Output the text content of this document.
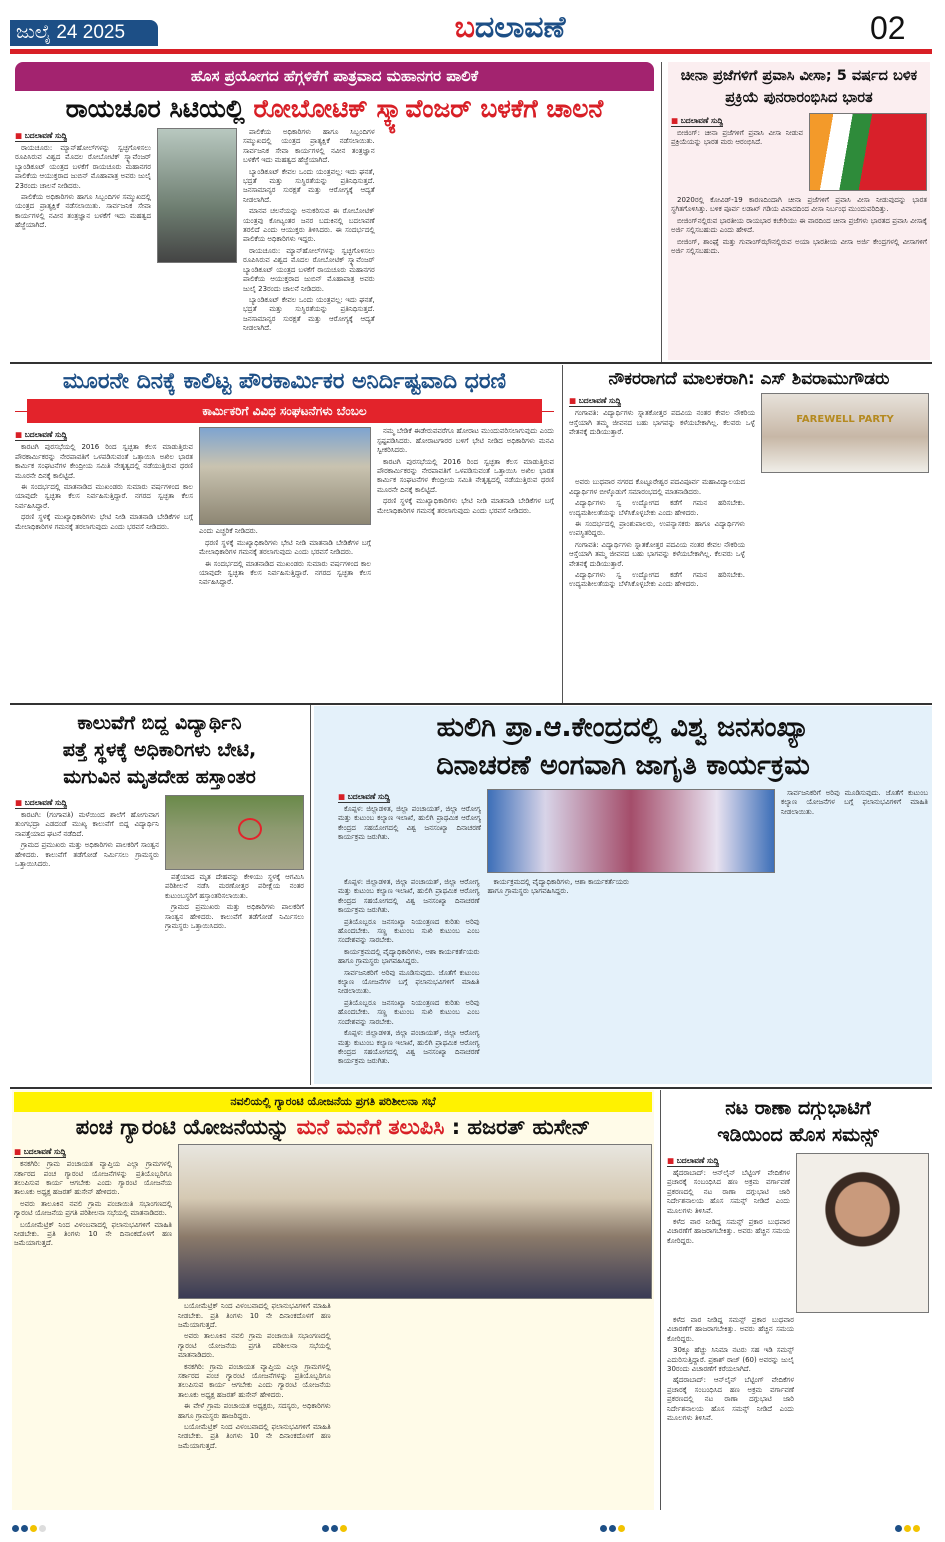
ಜುಲೈ 24 2025	ಬದಲಾವಣೆ	02
ಹೊಸ ಪ್ರಯೋಗದ ಹೆಗ್ಗಳಿಕೆಗೆ ಪಾತ್ರವಾದ ಮಹಾನಗರ ಪಾಲಿಕೆ
ರಾಯಚೂರ ಸಿಟಿಯಲ್ಲಿ ರೋಬೋಟಿಕ್ ಸ್ಕ್ಯಾವೆಂಜರ್ ಬಳಕೆಗೆ ಚಾಲನೆ
■ ಬದಲಾವಣೆ ಸುದ್ದಿ

ರಾಯಚೂರು: ಮ್ಯಾನ್‌ಹೋಲ್‌ಗಳನ್ನು ಸ್ವಚ್ಛಗೊಳಿಸಲು ರೂಪಿಸಿರುವ ವಿಶ್ವದ ಮೊದಲ ರೋಬೋಟಿಕ್ ಸ್ಕ್ಯಾವೆಂಜರ್ ಬ್ಯಾಂಡಿಕೂಟ್ ಯಂತ್ರದ ಬಳಕೆಗೆ ರಾಯಚೂರು ಮಹಾನಗರ ಪಾಲಿಕೆಯ ಆಯುಕ್ತರಾದ ಜುಬಿನ್ ಮೊಹಾಪಾತ್ರ ಅವರು ಜುಲೈ 23ರಂದು ಚಾಲನೆ ನೀಡಿದರು.

ಪಾಲಿಕೆಯ ಅಧಿಕಾರಿಗಳು ಹಾಗೂ ಸಿಬ್ಬಂದಿಗಳ ಸಮ್ಮುಖದಲ್ಲಿ ಯಂತ್ರದ ಪ್ರಾತ್ಯಕ್ಷಿಕೆ ನಡೆಸಲಾಯಿತು. ಸಾರ್ವಜನಿಕ ಸೇವಾ ಕಾರ್ಯಗಳಲ್ಲಿ ನವೀನ ತಂತ್ರಜ್ಞಾನ ಬಳಕೆಗೆ ಇದು ಮಹತ್ವದ ಹೆಜ್ಜೆಯಾಗಿದೆ.

ಪಾಲಿಕೆಯ ಅಧಿಕಾರಿಗಳು ಹಾಗೂ ಸಿಬ್ಬಂದಿಗಳ ಸಮ್ಮುಖದಲ್ಲಿ ಯಂತ್ರದ ಪ್ರಾತ್ಯಕ್ಷಿಕೆ ನಡೆಸಲಾಯಿತು. ಸಾರ್ವಜನಿಕ ಸೇವಾ ಕಾರ್ಯಗಳಲ್ಲಿ ನವೀನ ತಂತ್ರಜ್ಞಾನ ಬಳಕೆಗೆ ಇದು ಮಹತ್ವದ ಹೆಜ್ಜೆಯಾಗಿದೆ.

ಬ್ಯಾಂಡಿಕೂಟ್ ಕೇವಲ ಒಂದು ಯಂತ್ರವಲ್ಲ: ಇದು ಘನತೆ, ಭದ್ರತೆ ಮತ್ತು ಸುಸ್ಥಿರತೆಯನ್ನು ಪ್ರತಿನಿಧಿಸುತ್ತದೆ. ಜನಸಾಮಾನ್ಯರ ಸುರಕ್ಷತೆ ಮತ್ತು ಆರೋಗ್ಯಕ್ಕೆ ಆದ್ಯತೆ ನೀಡಲಾಗಿದೆ.

ಮಾನವ ಚಲನೆಯನ್ನು ಅನುಕರಿಸುವ ಈ ರೋಬೋಟಿಕ್ ಯಂತ್ರವು ಕೋಟ್ಯಂತರ ಜನರ ಬದುಕಿನಲ್ಲಿ ಬದಲಾವಣೆ ತರಲಿದೆ ಎಂದು ಆಯುಕ್ತರು ತಿಳಿಸಿದರು. ಈ ಸಂದರ್ಭದಲ್ಲಿ ಪಾಲಿಕೆಯ ಅಧಿಕಾರಿಗಳು ಇದ್ದರು.

ರಾಯಚೂರು: ಮ್ಯಾನ್‌ಹೋಲ್‌ಗಳನ್ನು ಸ್ವಚ್ಛಗೊಳಿಸಲು ರೂಪಿಸಿರುವ ವಿಶ್ವದ ಮೊದಲ ರೋಬೋಟಿಕ್ ಸ್ಕ್ಯಾವೆಂಜರ್ ಬ್ಯಾಂಡಿಕೂಟ್ ಯಂತ್ರದ ಬಳಕೆಗೆ ರಾಯಚೂರು ಮಹಾನಗರ ಪಾಲಿಕೆಯ ಆಯುಕ್ತರಾದ ಜುಬಿನ್ ಮೊಹಾಪಾತ್ರ ಅವರು ಜುಲೈ 23ರಂದು ಚಾಲನೆ ನೀಡಿದರು.

ಬ್ಯಾಂಡಿಕೂಟ್ ಕೇವಲ ಒಂದು ಯಂತ್ರವಲ್ಲ: ಇದು ಘನತೆ, ಭದ್ರತೆ ಮತ್ತು ಸುಸ್ಥಿರತೆಯನ್ನು ಪ್ರತಿನಿಧಿಸುತ್ತದೆ. ಜನಸಾಮಾನ್ಯರ ಸುರಕ್ಷತೆ ಮತ್ತು ಆರೋಗ್ಯಕ್ಕೆ ಆದ್ಯತೆ ನೀಡಲಾಗಿದೆ.

ಚೀನಾ ಪ್ರಜೆಗಳಿಗೆ ಪ್ರವಾಸಿ ವೀಸಾ; 5 ವರ್ಷದ ಬಳಿಕ ಪ್ರಕ್ರಿಯೆ ಪುನರಾರಂಭಿಸಿದ ಭಾರತ
■ ಬದಲಾವಣೆ ಸುದ್ದಿ

ಬೀಜಿಂಗ್: ಚೀನಾ ಪ್ರಜೆಗಳಿಗೆ ಪ್ರವಾಸಿ ವೀಸಾ ನೀಡುವ ಪ್ರಕ್ರಿಯೆಯನ್ನು ಭಾರತ ಮರು ಆರಂಭಿಸಿದೆ.

2020ರಲ್ಲಿ ಕೋವಿಡ್-19 ಕಾರಣದಿಂದಾಗಿ ಚೀನಾ ಪ್ರಜೆಗಳಿಗೆ ಪ್ರವಾಸಿ ವೀಸಾ ನೀಡುವುದನ್ನು ಭಾರತ ಸ್ಥಗಿತಗೊಳಿಸಿತ್ತು. ಬಳಿಕ ಪೂರ್ವ ಲಡಾಖ್ ಗಡಿಯ ವಿವಾದದಿಂದ ವೀಸಾ ನಿರ್ಬಂಧ ಮುಂದುವರಿದಿತ್ತು.

ಬೀಜಿಂಗ್‌ನಲ್ಲಿರುವ ಭಾರತೀಯ ರಾಯಭಾರ ಕಚೇರಿಯು ಈ ವಾರದಿಂದ ಚೀನಾ ಪ್ರಜೆಗಳು ಭಾರತದ ಪ್ರವಾಸಿ ವೀಸಾಕ್ಕೆ ಅರ್ಜಿ ಸಲ್ಲಿಸಬಹುದು ಎಂದು ಹೇಳಿದೆ.

ಬೀಜಿಂಗ್, ಶಾಂಘೈ ಮತ್ತು ಗುವಾಂಗ್‌ಝೌನಲ್ಲಿರುವ ಅಯಾ ಭಾರತೀಯ ವೀಸಾ ಅರ್ಜಿ ಕೇಂದ್ರಗಳಲ್ಲಿ ವೀಸಾಗಳಿಗೆ ಅರ್ಜಿ ಸಲ್ಲಿಸಬಹುದು.

ಮೂರನೇ ದಿನಕ್ಕೆ ಕಾಲಿಟ್ಟ ಪೌರಕಾರ್ಮಿಕರ ಅನಿರ್ದಿಷ್ಟವಾದಿ ಧರಣಿ
ಕಾರ್ಮಿಕರಿಗೆ ವಿವಿಧ ಸಂಘಟನೆಗಳು ಬೆಂಬಲ
■ ಬದಲಾವಣೆ ಸುದ್ದಿ

ಕಾರಟಗಿ ಪುರಸಭೆಯಲ್ಲಿ 2016 ರಿಂದ ಸ್ವಚ್ಛತಾ ಕೆಲಸ ಮಾಡುತ್ತಿರುವ ಪೌರಕಾರ್ಮಿಕರನ್ನು ನೇರಪಾವತಿಗೆ ಒಳಪಡಿಸುವಂತೆ ಒತ್ತಾಯಿಸಿ ಅಖಿಲ ಭಾರತ ಕಾರ್ಮಿಕ ಸಂಘಟನೆಗಳ ಕೇಂದ್ರೀಯ ಸಮಿತಿ ನೇತೃತ್ವದಲ್ಲಿ ನಡೆಯುತ್ತಿರುವ ಧರಣಿ ಮೂರನೇ ದಿನಕ್ಕೆ ಕಾಲಿಟ್ಟಿದೆ.

ಈ ಸಂದರ್ಭದಲ್ಲಿ ಮಾತನಾಡಿದ ಮುಖಂಡರು ಸುಮಾರು ವರ್ಷಗಳಿಂದ ಕಾಲ ಯಾವುದೇ ಸ್ವಚ್ಛತಾ ಕೆಲಸ ನಿರ್ವಹಿಸುತ್ತಿದ್ದಾರೆ. ನಗರದ ಸ್ವಚ್ಛತಾ ಕೆಲಸ ನಿರ್ವಹಿಸಿದ್ದಾರೆ.

ಧರಣಿ ಸ್ಥಳಕ್ಕೆ ಮುಖ್ಯಾಧಿಕಾರಿಗಳು ಭೇಟಿ ನೀಡಿ ಮಾತನಾಡಿ ಬೇಡಿಕೆಗಳ ಬಗ್ಗೆ ಮೇಲಾಧಿಕಾರಿಗಳ ಗಮನಕ್ಕೆ ತರಲಾಗುವುದು ಎಂದು ಭರವಸೆ ನೀಡಿದರು.

ಎಂದು ಎಚ್ಚರಿಕೆ ನೀಡಿದರು.

ಧರಣಿ ಸ್ಥಳಕ್ಕೆ ಮುಖ್ಯಾಧಿಕಾರಿಗಳು ಭೇಟಿ ನೀಡಿ ಮಾತನಾಡಿ ಬೇಡಿಕೆಗಳ ಬಗ್ಗೆ ಮೇಲಾಧಿಕಾರಿಗಳ ಗಮನಕ್ಕೆ ತರಲಾಗುವುದು ಎಂದು ಭರವಸೆ ನೀಡಿದರು.

ಈ ಸಂದರ್ಭದಲ್ಲಿ ಮಾತನಾಡಿದ ಮುಖಂಡರು ಸುಮಾರು ವರ್ಷಗಳಿಂದ ಕಾಲ ಯಾವುದೇ ಸ್ವಚ್ಛತಾ ಕೆಲಸ ನಿರ್ವಹಿಸುತ್ತಿದ್ದಾರೆ. ನಗರದ ಸ್ವಚ್ಛತಾ ಕೆಲಸ ನಿರ್ವಹಿಸಿದ್ದಾರೆ.

ನಮ್ಮ ಬೇಡಿಕೆ ಈಡೇರುವವರೆಗೂ ಹೋರಾಟ ಮುಂದುವರಿಸಲಾಗುವುದು ಎಂದು ಸ್ಪಷ್ಟಪಡಿಸಿದರು. ಹೋರಾಟಗಾರರ ಬಳಿಗೆ ಭೇಟಿ ನೀಡಿದ ಅಧಿಕಾರಿಗಳು ಮನವಿ ಸ್ವೀಕರಿಸಿದರು.

ಕಾರಟಗಿ ಪುರಸಭೆಯಲ್ಲಿ 2016 ರಿಂದ ಸ್ವಚ್ಛತಾ ಕೆಲಸ ಮಾಡುತ್ತಿರುವ ಪೌರಕಾರ್ಮಿಕರನ್ನು ನೇರಪಾವತಿಗೆ ಒಳಪಡಿಸುವಂತೆ ಒತ್ತಾಯಿಸಿ ಅಖಿಲ ಭಾರತ ಕಾರ್ಮಿಕ ಸಂಘಟನೆಗಳ ಕೇಂದ್ರೀಯ ಸಮಿತಿ ನೇತೃತ್ವದಲ್ಲಿ ನಡೆಯುತ್ತಿರುವ ಧರಣಿ ಮೂರನೇ ದಿನಕ್ಕೆ ಕಾಲಿಟ್ಟಿದೆ.

ಧರಣಿ ಸ್ಥಳಕ್ಕೆ ಮುಖ್ಯಾಧಿಕಾರಿಗಳು ಭೇಟಿ ನೀಡಿ ಮಾತನಾಡಿ ಬೇಡಿಕೆಗಳ ಬಗ್ಗೆ ಮೇಲಾಧಿಕಾರಿಗಳ ಗಮನಕ್ಕೆ ತರಲಾಗುವುದು ಎಂದು ಭರವಸೆ ನೀಡಿದರು.

ನೌಕರರಾಗದೆ ಮಾಲಕರಾಗಿ: ಎಸ್ ಶಿವರಾಮುಗೌಡರು
■ ಬದಲಾವಣೆ ಸುದ್ದಿ

ಗಂಗಾವತಿ: ವಿದ್ಯಾರ್ಥಿಗಳು ಸ್ನಾತಕೋತ್ತರ ಪದವಿಯ ನಂತರ ಕೇವಲ ನೌಕರಿಯ ಆಸ್ತೆಯಾಗಿ ತಮ್ಮ ಜೀವನದ ಬಹು ಭಾಗವನ್ನು ಕಳೆಯಬೇಕಾಗಿಲ್ಲ. ಕೆಲವರು ಒಳ್ಳೆ ವೇತನಕ್ಕೆ ದುಡಿಯುತ್ತಾರೆ.

FAREWELL PARTY

ಅವರು ಬುಧವಾರ ನಗರದ ಕೊಟ್ಟೂರೇಶ್ವರ ಪದವಿಪೂರ್ವ ಮಹಾವಿದ್ಯಾಲಯದ ವಿದ್ಯಾರ್ಥಿಗಳ ಬೀಳ್ಕೊಡುಗೆ ಸಮಾರಂಭದಲ್ಲಿ ಮಾತನಾಡಿದರು.

ವಿದ್ಯಾರ್ಥಿಗಳು ಸ್ವ ಉದ್ಯೋಗದ ಕಡೆಗೆ ಗಮನ ಹರಿಸಬೇಕು. ಉದ್ಯಮಶೀಲತೆಯನ್ನು ಬೆಳೆಸಿಕೊಳ್ಳಬೇಕು ಎಂದು ಹೇಳಿದರು.

ಈ ಸಂದರ್ಭದಲ್ಲಿ ಪ್ರಾಂಶುಪಾಲರು, ಉಪನ್ಯಾಸಕರು ಹಾಗೂ ವಿದ್ಯಾರ್ಥಿಗಳು ಉಪಸ್ಥಿತರಿದ್ದರು.

ಗಂಗಾವತಿ: ವಿದ್ಯಾರ್ಥಿಗಳು ಸ್ನಾತಕೋತ್ತರ ಪದವಿಯ ನಂತರ ಕೇವಲ ನೌಕರಿಯ ಆಸ್ತೆಯಾಗಿ ತಮ್ಮ ಜೀವನದ ಬಹು ಭಾಗವನ್ನು ಕಳೆಯಬೇಕಾಗಿಲ್ಲ. ಕೆಲವರು ಒಳ್ಳೆ ವೇತನಕ್ಕೆ ದುಡಿಯುತ್ತಾರೆ.

ವಿದ್ಯಾರ್ಥಿಗಳು ಸ್ವ ಉದ್ಯೋಗದ ಕಡೆಗೆ ಗಮನ ಹರಿಸಬೇಕು. ಉದ್ಯಮಶೀಲತೆಯನ್ನು ಬೆಳೆಸಿಕೊಳ್ಳಬೇಕು ಎಂದು ಹೇಳಿದರು.

ಕಾಲುವೆಗೆ ಬಿದ್ದ ವಿದ್ಯಾರ್ಥಿನಿ
ಪತ್ತೆ ಸ್ಥಳಕ್ಕೆ ಅಧಿಕಾರಿಗಳು ಬೇಟಿ,
ಮಗುವಿನ ಮೃತದೇಹ ಹಸ್ತಾಂತರ
■ ಬದಲಾವಣೆ ಸುದ್ದಿ

ಕಾರಟಗಿ: (ಗಂಗಾವತಿ) ಮಳೆಯಿಂದ ಶಾಲೆಗೆ ಹೋಗುವಾಗ ತುಂಗಭದ್ರಾ ಎಡದಂಡೆ ಮುಖ್ಯ ಕಾಲುವೆಗೆ ಬಿದ್ದ ವಿದ್ಯಾರ್ಥಿನಿ ನಾಪತ್ತೆಯಾದ ಘಟನೆ ನಡೆದಿದೆ.

ಗ್ರಾಮದ ಪ್ರಮುಖರು ಮತ್ತು ಅಧಿಕಾರಿಗಳು ಪಾಲಕರಿಗೆ ಸಾಂತ್ವನ ಹೇಳಿದರು. ಕಾಲುವೆಗೆ ತಡೆಗೋಡೆ ನಿರ್ಮಿಸಲು ಗ್ರಾಮಸ್ಥರು ಒತ್ತಾಯಿಸಿದರು.

ಪತ್ತೆಯಾದ ಮೃತ ದೇಹವನ್ನು ಕೇಳಿಯು ಸ್ಥಳಕ್ಕೆ ಆಗಮಿಸಿ ಪರಿಶೀಲನೆ ನಡೆಸಿ ಮರಣೋತ್ತರ ಪರೀಕ್ಷೆಯ ನಂತರ ಕುಟುಂಬಸ್ಥರಿಗೆ ಹಸ್ತಾಂತರಿಸಲಾಯಿತು.

ಗ್ರಾಮದ ಪ್ರಮುಖರು ಮತ್ತು ಅಧಿಕಾರಿಗಳು ಪಾಲಕರಿಗೆ ಸಾಂತ್ವನ ಹೇಳಿದರು. ಕಾಲುವೆಗೆ ತಡೆಗೋಡೆ ನಿರ್ಮಿಸಲು ಗ್ರಾಮಸ್ಥರು ಒತ್ತಾಯಿಸಿದರು.

ಹುಲಿಗಿ ಪ್ರಾ.ಆ.ಕೇಂದ್ರದಲ್ಲಿ ವಿಶ್ವ ಜನಸಂಖ್ಯಾ
ದಿನಾಚರಣೆ ಅಂಗವಾಗಿ ಜಾಗೃತಿ ಕಾರ್ಯಕ್ರಮ
■ ಬದಲಾವಣೆ ಸುದ್ದಿ

ಕೊಪ್ಪಳ: ಜಿಲ್ಲಾಡಳಿತ, ಜಿಲ್ಲಾ ಪಂಚಾಯತ್, ಜಿಲ್ಲಾ ಆರೋಗ್ಯ ಮತ್ತು ಕುಟುಂಬ ಕಲ್ಯಾಣ ಇಲಾಖೆ, ಹುಲಿಗಿ ಪ್ರಾಥಮಿಕ ಆರೋಗ್ಯ ಕೇಂದ್ರದ ಸಹಯೋಗದಲ್ಲಿ ವಿಶ್ವ ಜನಸಂಖ್ಯಾ ದಿನಾಚರಣೆ ಕಾರ್ಯಕ್ರಮ ಜರುಗಿತು.

ಸಾರ್ವಜನಿಕರಿಗೆ ಅರಿವು ಮೂಡಿಸುವುದು. ಜೊತೆಗೆ ಕುಟುಂಬ ಕಲ್ಯಾಣ ಯೋಜನೆಗಳ ಬಗ್ಗೆ ಫಲಾನುಭವಿಗಳಿಗೆ ಮಾಹಿತಿ ನೀಡಲಾಯಿತು.

ಕೊಪ್ಪಳ: ಜಿಲ್ಲಾಡಳಿತ, ಜಿಲ್ಲಾ ಪಂಚಾಯತ್, ಜಿಲ್ಲಾ ಆರೋಗ್ಯ ಮತ್ತು ಕುಟುಂಬ ಕಲ್ಯಾಣ ಇಲಾಖೆ, ಹುಲಿಗಿ ಪ್ರಾಥಮಿಕ ಆರೋಗ್ಯ ಕೇಂದ್ರದ ಸಹಯೋಗದಲ್ಲಿ ವಿಶ್ವ ಜನಸಂಖ್ಯಾ ದಿನಾಚರಣೆ ಕಾರ್ಯಕ್ರಮ ಜರುಗಿತು.

ಪ್ರತಿಯೊಬ್ಬರೂ ಜನಸಂಖ್ಯಾ ನಿಯಂತ್ರಣದ ಕುರಿತು ಅರಿವು ಹೊಂದಬೇಕು. ಸಣ್ಣ ಕುಟುಂಬ ಸುಖಿ ಕುಟುಂಬ ಎಂಬ ಸಂದೇಶವನ್ನು ಸಾರಬೇಕು.

ಕಾರ್ಯಕ್ರಮದಲ್ಲಿ ವೈದ್ಯಾಧಿಕಾರಿಗಳು, ಆಶಾ ಕಾರ್ಯಕರ್ತೆಯರು ಹಾಗೂ ಗ್ರಾಮಸ್ಥರು ಭಾಗವಹಿಸಿದ್ದರು.

ಸಾರ್ವಜನಿಕರಿಗೆ ಅರಿವು ಮೂಡಿಸುವುದು. ಜೊತೆಗೆ ಕುಟುಂಬ ಕಲ್ಯಾಣ ಯೋಜನೆಗಳ ಬಗ್ಗೆ ಫಲಾನುಭವಿಗಳಿಗೆ ಮಾಹಿತಿ ನೀಡಲಾಯಿತು.

ಪ್ರತಿಯೊಬ್ಬರೂ ಜನಸಂಖ್ಯಾ ನಿಯಂತ್ರಣದ ಕುರಿತು ಅರಿವು ಹೊಂದಬೇಕು. ಸಣ್ಣ ಕುಟುಂಬ ಸುಖಿ ಕುಟುಂಬ ಎಂಬ ಸಂದೇಶವನ್ನು ಸಾರಬೇಕು.

ಕೊಪ್ಪಳ: ಜಿಲ್ಲಾಡಳಿತ, ಜಿಲ್ಲಾ ಪಂಚಾಯತ್, ಜಿಲ್ಲಾ ಆರೋಗ್ಯ ಮತ್ತು ಕುಟುಂಬ ಕಲ್ಯಾಣ ಇಲಾಖೆ, ಹುಲಿಗಿ ಪ್ರಾಥಮಿಕ ಆರೋಗ್ಯ ಕೇಂದ್ರದ ಸಹಯೋಗದಲ್ಲಿ ವಿಶ್ವ ಜನಸಂಖ್ಯಾ ದಿನಾಚರಣೆ ಕಾರ್ಯಕ್ರಮ ಜರುಗಿತು.

ಕಾರ್ಯಕ್ರಮದಲ್ಲಿ ವೈದ್ಯಾಧಿಕಾರಿಗಳು, ಆಶಾ ಕಾರ್ಯಕರ್ತೆಯರು ಹಾಗೂ ಗ್ರಾಮಸ್ಥರು ಭಾಗವಹಿಸಿದ್ದರು.

ನವಲಿಯಲ್ಲಿ ಗ್ಯಾರಂಟಿ ಯೋಜನೆಯ ಪ್ರಗತಿ ಪರಿಶೀಲನಾ ಸಭೆ
ಪಂಚ ಗ್ಯಾರಂಟಿ ಯೋಜನೆಯನ್ನು ಮನೆ ಮನೆಗೆ ತಲುಪಿಸಿ : ಹಜರತ್ ಹುಸೇನ್
■ ಬದಲಾವಣೆ ಸುದ್ದಿ

ಕನಕಗಿರಿ: ಗ್ರಾಮ ಪಂಚಾಯತ ವ್ಯಾಪ್ತಿಯ ಎಲ್ಲಾ ಗ್ರಾಮಗಳಲ್ಲಿ ಸರ್ಕಾರದ ಪಂಚ ಗ್ಯಾರಂಟಿ ಯೋಜನೆಗಳನ್ನು ಪ್ರತಿಯೊಬ್ಬರಿಗೂ ತಲುಪಿಸುವ ಕಾರ್ಯ ಆಗಬೇಕು ಎಂದು ಗ್ಯಾರಂಟಿ ಯೋಜನೆಯ ತಾಲೂಕು ಅಧ್ಯಕ್ಷ ಹಜರತ್ ಹುಸೇನ್ ಹೇಳಿದರು.

ಅವರು ತಾಲೂಕಿನ ನವಲಿ ಗ್ರಾಮ ಪಂಚಾಯಿತಿ ಸಭಾಂಗಣದಲ್ಲಿ ಗ್ಯಾರಂಟಿ ಯೋಜನೆಯ ಪ್ರಗತಿ ಪರಿಶೀಲನಾ ಸಭೆಯಲ್ಲಿ ಮಾತನಾಡಿದರು.

ಬಯೋಮೆಟ್ರಿಕ್ ನಿಂದ ವಿಳಂಬವಾದಲ್ಲಿ ಫಲಾನುಭವಿಗಳಿಗೆ ಮಾಹಿತಿ ನೀಡಬೇಕು. ಪ್ರತಿ ತಿಂಗಳು 10 ನೇ ದಿನಾಂಕದೊಳಗೆ ಹಣ ಜಮೆಯಾಗುತ್ತದೆ.

ಬಯೋಮೆಟ್ರಿಕ್ ನಿಂದ ವಿಳಂಬವಾದಲ್ಲಿ ಫಲಾನುಭವಿಗಳಿಗೆ ಮಾಹಿತಿ ನೀಡಬೇಕು. ಪ್ರತಿ ತಿಂಗಳು 10 ನೇ ದಿನಾಂಕದೊಳಗೆ ಹಣ ಜಮೆಯಾಗುತ್ತದೆ.

ಅವರು ತಾಲೂಕಿನ ನವಲಿ ಗ್ರಾಮ ಪಂಚಾಯಿತಿ ಸಭಾಂಗಣದಲ್ಲಿ ಗ್ಯಾರಂಟಿ ಯೋಜನೆಯ ಪ್ರಗತಿ ಪರಿಶೀಲನಾ ಸಭೆಯಲ್ಲಿ ಮಾತನಾಡಿದರು.

ಕನಕಗಿರಿ: ಗ್ರಾಮ ಪಂಚಾಯತ ವ್ಯಾಪ್ತಿಯ ಎಲ್ಲಾ ಗ್ರಾಮಗಳಲ್ಲಿ ಸರ್ಕಾರದ ಪಂಚ ಗ್ಯಾರಂಟಿ ಯೋಜನೆಗಳನ್ನು ಪ್ರತಿಯೊಬ್ಬರಿಗೂ ತಲುಪಿಸುವ ಕಾರ್ಯ ಆಗಬೇಕು ಎಂದು ಗ್ಯಾರಂಟಿ ಯೋಜನೆಯ ತಾಲೂಕು ಅಧ್ಯಕ್ಷ ಹಜರತ್ ಹುಸೇನ್ ಹೇಳಿದರು.

ಈ ವೇಳೆ ಗ್ರಾಮ ಪಂಚಾಯತ ಅಧ್ಯಕ್ಷರು, ಸದಸ್ಯರು, ಅಧಿಕಾರಿಗಳು ಹಾಗೂ ಗ್ರಾಮಸ್ಥರು ಹಾಜರಿದ್ದರು.

ಬಯೋಮೆಟ್ರಿಕ್ ನಿಂದ ವಿಳಂಬವಾದಲ್ಲಿ ಫಲಾನುಭವಿಗಳಿಗೆ ಮಾಹಿತಿ ನೀಡಬೇಕು. ಪ್ರತಿ ತಿಂಗಳು 10 ನೇ ದಿನಾಂಕದೊಳಗೆ ಹಣ ಜಮೆಯಾಗುತ್ತದೆ.

ನಟ ರಾಣಾ ದಗ್ಗುಭಾಟಿಗೆ
ಇಡಿಯಿಂದ ಹೊಸ ಸಮನ್ಸ್
■ ಬದಲಾವಣೆ ಸುದ್ದಿ

ಹೈದರಾಬಾದ್: ಆನ್‌ಲೈನ್ ಬೆಟ್ಟಿಂಗ್ ವೇದಿಕೆಗಳ ಪ್ರಚಾರಕ್ಕೆ ಸಂಬಂಧಿಸಿದ ಹಣ ಅಕ್ರಮ ವರ್ಗಾವಣೆ ಪ್ರಕರಣದಲ್ಲಿ ನಟ ರಾಣಾ ದಗ್ಗುಭಾಟಿ ಜಾರಿ ನಿರ್ದೇಶನಾಲಯ ಹೊಸ ಸಮನ್ಸ್ ನೀಡಿದೆ ಎಂದು ಮೂಲಗಳು ತಿಳಿಸಿವೆ.

ಕಳೆದ ವಾರ ನೀಡಿದ್ದ ಸಮನ್ಸ್ ಪ್ರಕಾರ ಬುಧವಾರ ವಿಚಾರಣೆಗೆ ಹಾಜರಾಗಬೇಕಿತ್ತು. ಅವರು ಹೆಚ್ಚಿನ ಸಮಯ ಕೋರಿದ್ದರು.

ಕಳೆದ ವಾರ ನೀಡಿದ್ದ ಸಮನ್ಸ್ ಪ್ರಕಾರ ಬುಧವಾರ ವಿಚಾರಣೆಗೆ ಹಾಜರಾಗಬೇಕಿತ್ತು. ಅವರು ಹೆಚ್ಚಿನ ಸಮಯ ಕೋರಿದ್ದರು.

30ಕ್ಕೂ ಹೆಚ್ಚು ಸಿನಿಮಾ ನಟರು ಸಹ ಇಡಿ ಸಮನ್ಸ್ ಎದುರಿಸುತ್ತಿದ್ದಾರೆ. ಪ್ರಕಾಶ್ ರಾಜ್ (60) ಅವರನ್ನು ಜುಲೈ 30ರಂದು ವಿಚಾರಣೆಗೆ ಕರೆಯಲಾಗಿದೆ.

ಹೈದರಾಬಾದ್: ಆನ್‌ಲೈನ್ ಬೆಟ್ಟಿಂಗ್ ವೇದಿಕೆಗಳ ಪ್ರಚಾರಕ್ಕೆ ಸಂಬಂಧಿಸಿದ ಹಣ ಅಕ್ರಮ ವರ್ಗಾವಣೆ ಪ್ರಕರಣದಲ್ಲಿ ನಟ ರಾಣಾ ದಗ್ಗುಭಾಟಿ ಜಾರಿ ನಿರ್ದೇಶನಾಲಯ ಹೊಸ ಸಮನ್ಸ್ ನೀಡಿದೆ ಎಂದು ಮೂಲಗಳು ತಿಳಿಸಿವೆ.
